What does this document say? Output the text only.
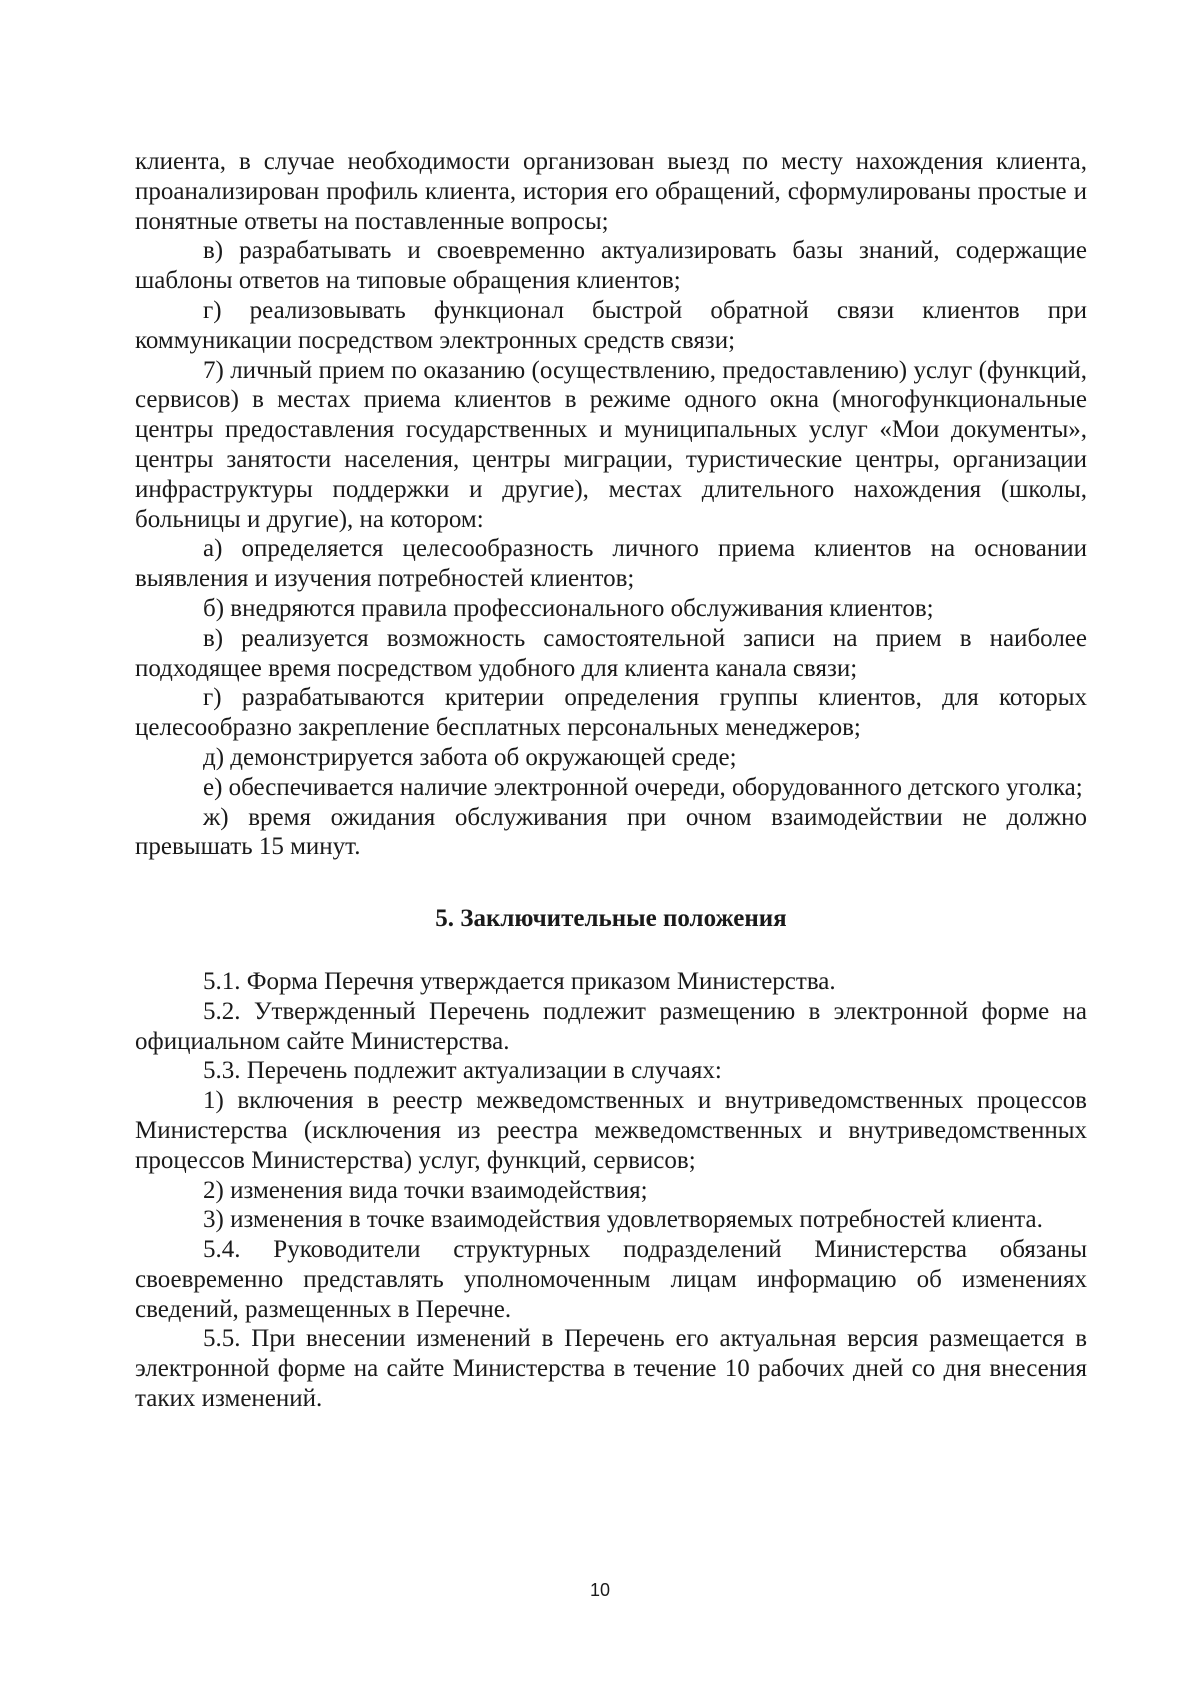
клиента, в случае необходимости организован выезд по месту нахождения клиента, проанализирован профиль клиента, история его обращений, сформулированы простые и понятные ответы на поставленные вопросы;

в) разрабатывать и своевременно актуализировать базы знаний, содержащие шаблоны ответов на типовые обращения клиентов;

г) реализовывать функционал быстрой обратной связи клиентов при коммуникации посредством электронных средств связи;

7) личный прием по оказанию (осуществлению, предоставлению) услуг (функций, сервисов) в местах приема клиентов в режиме одного окна (многофункциональные центры предоставления государственных и муниципальных услуг «Мои документы», центры занятости населения, центры миграции, туристические центры, организации инфраструктуры поддержки и другие), местах длительного нахождения (школы, больницы и другие), на котором:

а) определяется целесообразность личного приема клиентов на основании выявления и изучения потребностей клиентов;

б) внедряются правила профессионального обслуживания клиентов;

в) реализуется возможность самостоятельной записи на прием в наиболее подходящее время посредством удобного для клиента канала связи;

г) разрабатываются критерии определения группы клиентов, для которых целесообразно закрепление бесплатных персональных менеджеров;

д) демонстрируется забота об окружающей среде;

е) обеспечивается наличие электронной очереди, оборудованного детского уголка;

ж) время ожидания обслуживания при очном взаимодействии не должно превышать 15 минут.

5. Заключительные положения

5.1. Форма Перечня утверждается приказом Министерства.

5.2. Утвержденный Перечень подлежит размещению в электронной форме на официальном сайте Министерства.

5.3. Перечень подлежит актуализации в случаях:

1) включения в реестр межведомственных и внутриведомственных процессов Министерства (исключения из реестра межведомственных и внутриведомственных процессов Министерства) услуг, функций, сервисов;

2) изменения вида точки взаимодействия;

3) изменения в точке взаимодействия удовлетворяемых потребностей клиента.

5.4. Руководители структурных подразделений Министерства обязаны своевременно представлять уполномоченным лицам информацию об изменениях сведений, размещенных в Перечне.

5.5. При внесении изменений в Перечень его актуальная версия размещается в электронной форме на сайте Министерства в течение 10 рабочих дней со дня внесения таких изменений.

10
